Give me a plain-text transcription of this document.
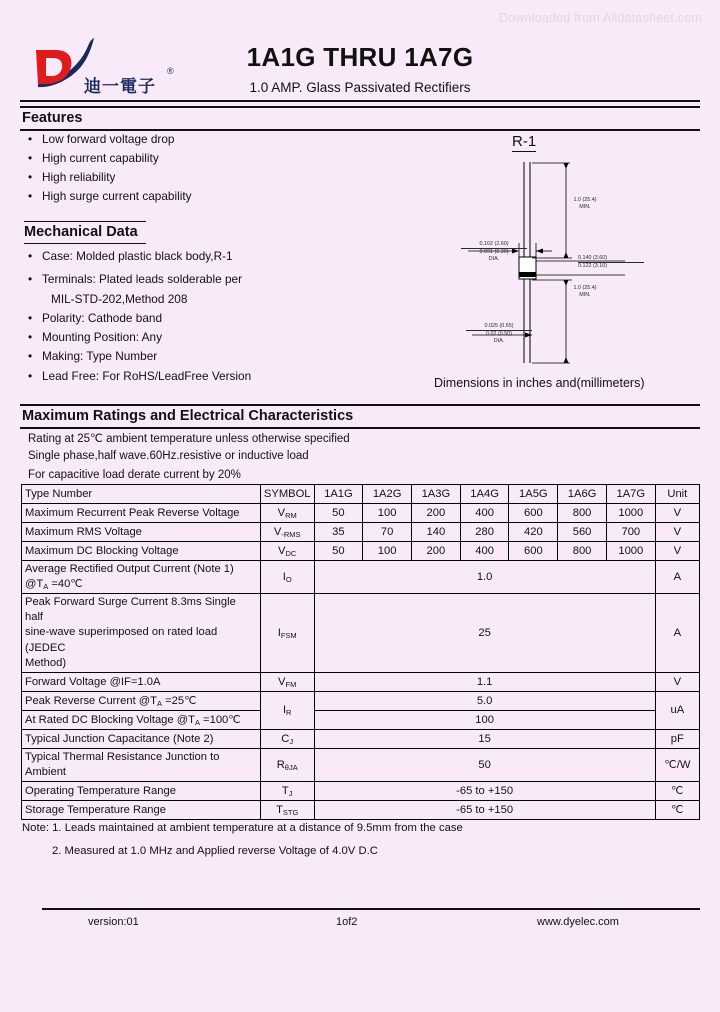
Downloaded from Alldatasheet.com
迪一電子
®	1A1G THRU 1A7G
1.0 AMP. Glass Passivated Rectifiers
Features
• Low forward voltage drop
• High current capability
• High reliability
• High surge current capability
Mechanical Data
• Case: Molded plastic black body,R-1
• Terminals: Plated leads solderable per
MIL-STD-202,Method 208
• Polarity: Cathode band
• Mounting Position: Any
• Making: Type Number
• Lead Free: For RoHS/LeadFree Version
R-1
1.0 (25.4)
MIN.
1.0 (25.4)
MIN.
0.102 (2.60)
0.091 (2.30)
DIA.	0.140 (3.60)
0.122 (3.10)
0.025 (0.65)
0.02 (0.50)
DIA.
Dimensions in inches and(millimeters)
Maximum Ratings and Electrical Characteristics
Rating at 25℃ ambient temperature unless otherwise specified
Single phase,half wave.60Hz.resistive or inductive load
For capacitive load derate current by 20%
Type Number	SYMBOL	1A1G	1A2G	1A3G	1A4G	1A5G	1A6G	1A7G	Unit
Maximum Recurrent Peak Reverse Voltage	$V_{RM}$	50	100	200	400	600	800	1000	V
Maximum RMS Voltage	$V_{-RMS}$	35	70	140	280	420	560	700	V
Maximum DC Blocking Voltage	$V_{DC}$	50	100	200	400	600	800	1000	V
Average Rectified Output Current (Note 1)
$@T_A$ =40℃	$I_O$	1.0							A
Peak Forward Surge Current 8.3ms Single half
sine-wave superimposed on rated load (JEDEC
Method)	$I_{FSM}$	25							A
Forward Voltage @IF=1.0A	$V_{FM}$	1.1							V
Peak Reverse Current $@T_A$ =25℃	$I_R$	5.0							uA
At Rated DC Blocking Voltage $@T_A$ =100℃		100							
Typical Junction Capacitance (Note 2)	$C_J$	15							pF
Typical Thermal Resistance Junction to
Ambient	$R_{\theta JA}$	50							℃/W
Operating Temperature Range	$T_J$	-65 to +150							℃
Storage Temperature Range	$T_{STG}$	-65 to +150							℃
Note: 1. Leads maintained at ambient temperature at a distance of 9.5mm from the case
2. Measured at 1.0 MHz and Applied reverse Voltage of 4.0V D.C
version:01	1of2	www.dyelec.com
